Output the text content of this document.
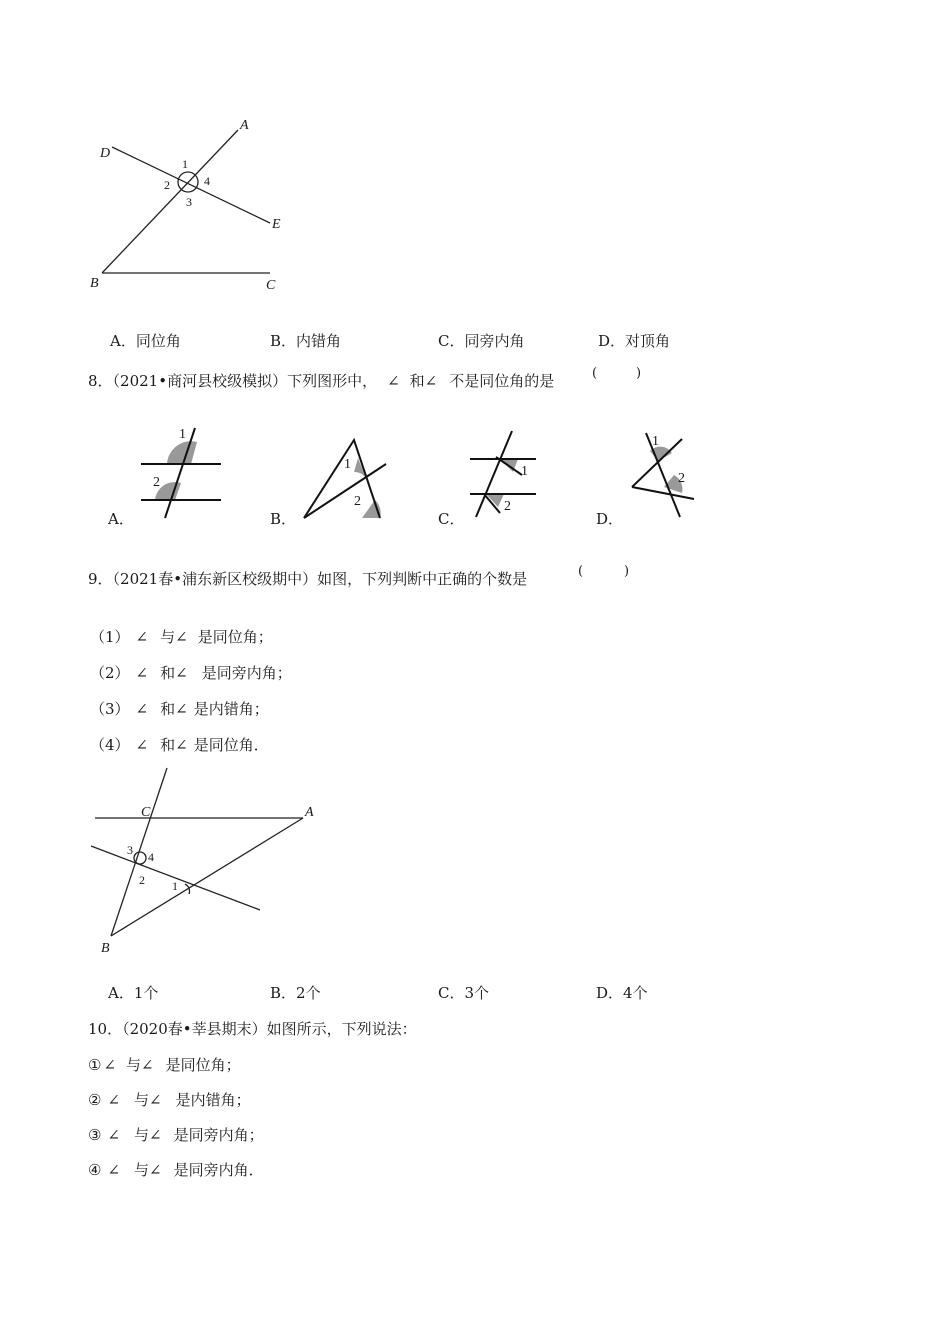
A
B	C
D
E
1
2
3
4
A．同位角	B．内错角	C．同旁内角	D．对顶角
8．（2021•商河县校级模拟）下列图形中， ∠ 和∠ 不是同位角的是	(	)
1
2
1
2
1
2
1
2
A．	B．	C．	D．
9．（2021春•浦东新区校级期中）如图，下列判断中正确的个数是	(	)
（1） ∠ 与∠ 是同位角；
（2） ∠ 和∠ 是同旁内角；
（3） ∠ 和∠ 是内错角；
（4） ∠ 和∠ 是同位角．
C	A
B
1
2
3 4
A．1个	B．2个	C．3个	D．4个
10．（2020春•莘县期末）如图所示，下列说法：
① ∠ 与∠ 是同位角；
② ∠ 与∠ 是内错角；
③ ∠ 与∠ 是同旁内角；
④ ∠ 与∠ 是同旁内角．
